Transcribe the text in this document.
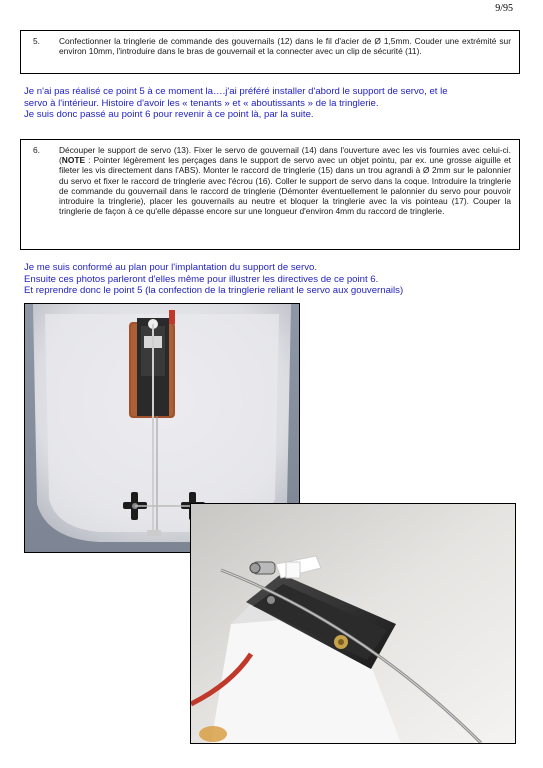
9/95
5.	Confectionner la tringlerie de commande des gouvernails (12) dans le fil d'acier de Ø 1,5mm. Couder une extrémité sur environ 10mm, l'introduire dans le bras de gouvernail et la connecter avec un clip de sécurité (11).

Je n'ai pas réalisé ce point 5 à ce moment la….j'ai préféré installer d'abord le support de servo, et le

servo à l'intérieur. Histoire d'avoir les « tenants » et « aboutissants » de la tringlerie.

Je suis donc passé au point 6 pour revenir à ce point là, par la suite.

6.	Découper le support de servo (13). Fixer le servo de gouvernail (14) dans l'ouverture avec les vis fournies avec celui-ci. (NOTE : Pointer légèrement les perçages dans le support de servo avec un objet pointu, par ex. une grosse aiguille et fileter les vis directement dans l'ABS). Monter le raccord de tringlerie (15) dans un trou agrandi à Ø 2mm sur le palonnier du servo et fixer le raccord de tringlerie avec l'écrou (16). Coller le support de servo dans la coque. Introduire la tringlerie de commande du gouvernail dans le raccord de tringlerie (Démonter éventuellement le palonnier du servo pour pouvoir introduire la tringlerie), placer les gouvernails au neutre et bloquer la tringlerie avec la vis pointeau (17). Couper la tringlerie de façon à ce qu'elle dépasse encore sur une longueur d'environ 4mm du raccord de tringlerie.

Je me suis conformé au plan pour l'implantation du support de servo.

Ensuite ces photos parleront d'elles même pour illustrer les directives de ce point 6.

Et reprendre donc le point 5 (la confection de la tringlerie reliant le servo aux gouvernails)
